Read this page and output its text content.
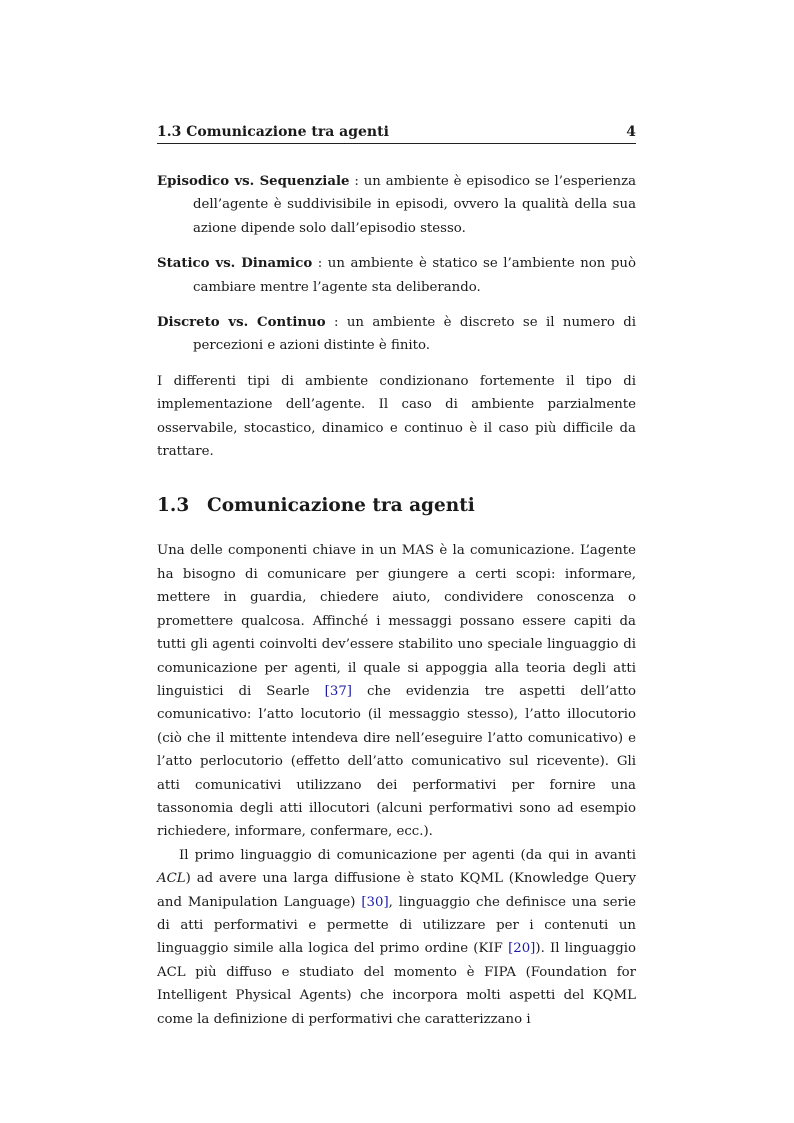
1.3 Comunicazione tra agenti	4
Episodico vs. Sequenziale : un ambiente è episodico se l’esperienza dell’agente è suddivisibile in episodi, ovvero la qualità della sua azione dipende solo dall’episodio stesso.
Statico vs. Dinamico : un ambiente è statico se l’ambiente non può cambiare mentre l’agente sta deliberando.
Discreto vs. Continuo : un ambiente è discreto se il numero di percezioni e azioni distinte è finito.

I differenti tipi di ambiente condizionano fortemente il tipo di implementazione dell’agente. Il caso di ambiente parzialmente osservabile, stocastico, dinamico e continuo è il caso più difficile da trattare.

1.3 Comunicazione tra agenti

Una delle componenti chiave in un MAS è la comunicazione. L’agente ha bisogno di comunicare per giungere a certi scopi: informare, mettere in guardia, chiedere aiuto, condividere conoscenza o promettere qualcosa. Affinché i messaggi possano essere capiti da tutti gli agenti coinvolti dev’essere stabilito uno speciale linguaggio di comunicazione per agenti, il quale si appoggia alla teoria degli atti linguistici di Searle [37] che evidenzia tre aspetti dell’atto comunicativo: l’atto locutorio (il messaggio stesso), l’atto illocutorio (ciò che il mittente intendeva dire nell’eseguire l’atto comunicativo) e l’atto perlocutorio (effetto dell’atto comunicativo sul ricevente). Gli atti comunicativi utilizzano dei performativi per fornire una tassonomia degli atti illocutori (alcuni performativi sono ad esempio richiedere, informare, confermare, ecc.).

Il primo linguaggio di comunicazione per agenti (da qui in avanti ACL) ad avere una larga diffusione è stato KQML (Knowledge Query and Manipulation Language) [30], linguaggio che definisce una serie di atti performativi e permette di utilizzare per i contenuti un linguaggio simile alla logica del primo ordine (KIF [20]). Il linguaggio ACL più diffuso e studiato del momento è FIPA (Foundation for Intelligent Physical Agents) che incorpora molti aspetti del KQML come la definizione di performativi che caratterizzano i
